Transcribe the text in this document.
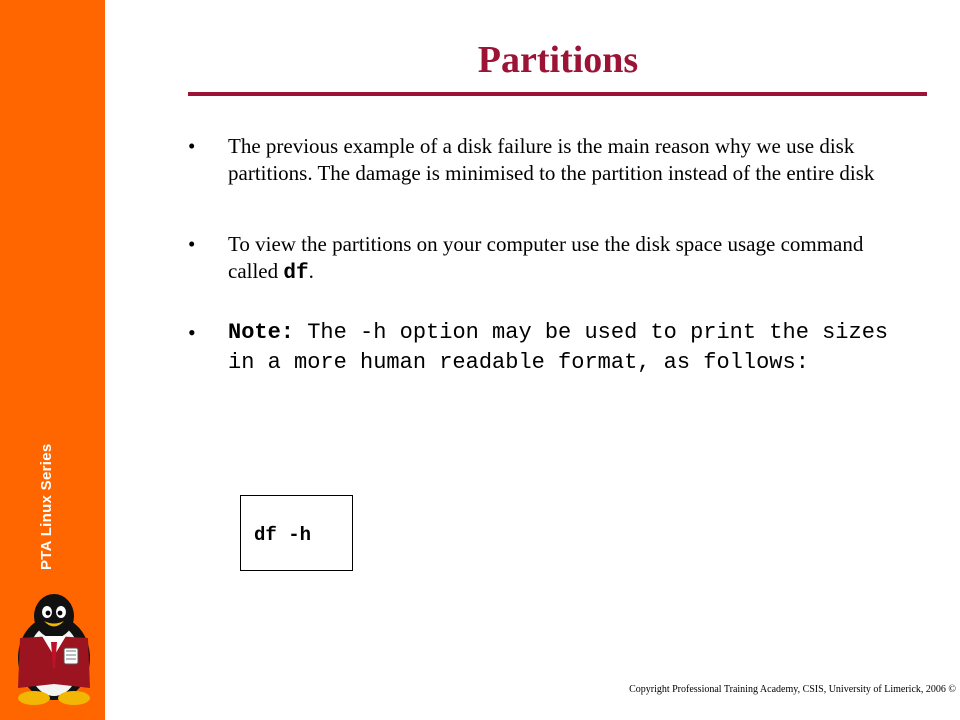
PTA Linux Series
Partitions
• The previous example of a disk failure is the main reason why we use disk partitions. The damage is minimised to the partition instead of the entire disk
• To view the partitions on your computer use the disk space usage command called df.
• Note: The -h option may be used to print the sizes in a more human readable format, as follows:
df -h
Copyright Professional Training Academy, CSIS, University of Limerick, 2006 ©
